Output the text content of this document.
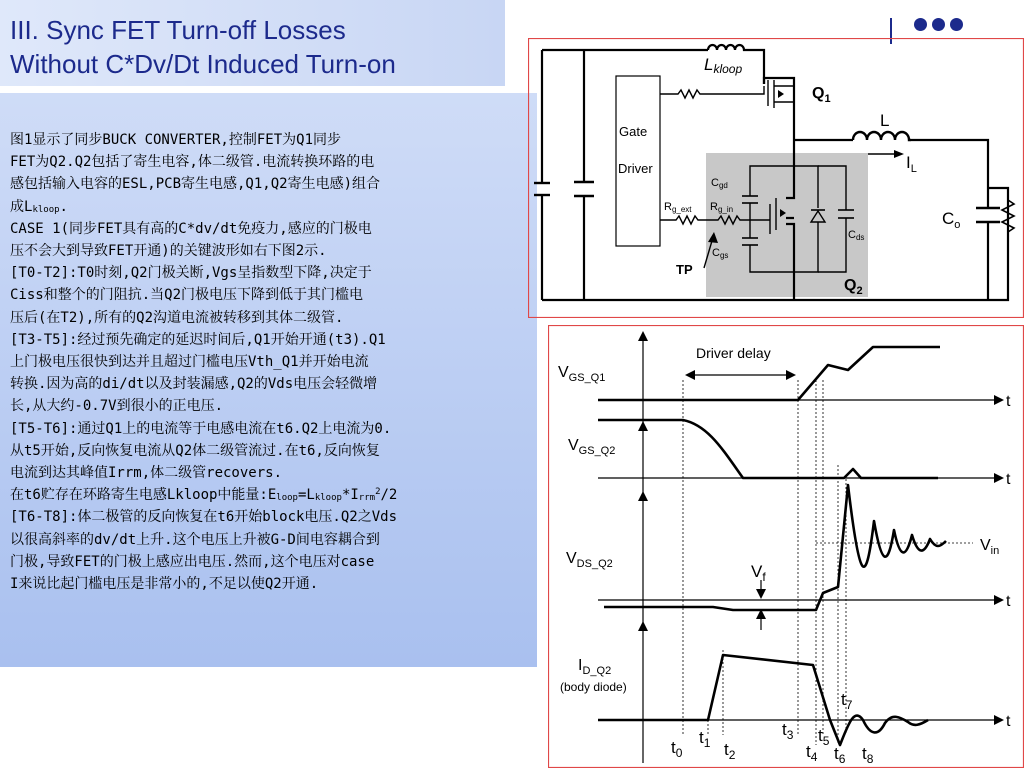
III. Sync FET Turn-off Losses
Without C*Dv/Dt Induced Turn-on
图1显示了同步BUCK CONVERTER,控制FET为Q1同步
FET为Q2.Q2包括了寄生电容,体二级管.电流转换环路的电
感包括输入电容的ESL,PCB寄生电感,Q1,Q2寄生电感)组合
成$L_{kloop}$.
CASE 1(同步FET具有高的C*dv/dt免疫力,感应的门极电
压不会大到导致FET开通)的关键波形如右下图2示.
[T0-T2]:T0时刻,Q2门极关断,Vgs呈指数型下降,决定于
Ciss和整个的门阻抗.当Q2门极电压下降到低于其门槛电
压后(在T2),所有的Q2沟道电流被转移到其体二级管.
[T3-T5]:经过预先确定的延迟时间后,Q1开始开通(t3).Q1
上门极电压很快到达并且超过门槛电压Vth_Q1并开始电流
转换.因为高的di/dt以及封装漏感,Q2的Vds电压会轻微增
长,从大约-0.7V到很小的正电压.
[T5-T6]:通过Q1上的电流等于电感电流在t6.Q2上电流为0.
从t5开始,反向恢复电流从Q2体二级管流过.在t6,反向恢复
电流到达其峰值Irrm,体二级管recovers.
在t6贮存在环路寄生电感Lkloop中能量$:E_{loop}=L_{kloop}*I_{rrm}^2/2$
[T6-T8]:体二极管的反向恢复在t6开始block电压.Q2之Vds
以很高斜率的dv/dt上升.这个电压上升被G-D间电容耦合到
门极,导致FET的门极上感应出电压.然而,这个电压对case
I来说比起门槛电压是非常小的,不足以使Q2开通.
Gate
Driver
Lkloop
$Q_1$
L
$I_L$
Cgd
Rg_ext Rg_in
Cds
Cgs
TP
$Q_2$
$C_o$
Driver delay
$V_{GS\_Q1}$
$V_{GS\_Q2}$
$V_{DS\_Q2}$
$I_{D\_Q2}$
(body diode)
$V_f$
$V_{in}$
t
t
t
t
$t_0$
$t_1$ $t_2$
$t_3$
$t_4$
$t_5$
$t_6$
$t_7$
$t_8$
